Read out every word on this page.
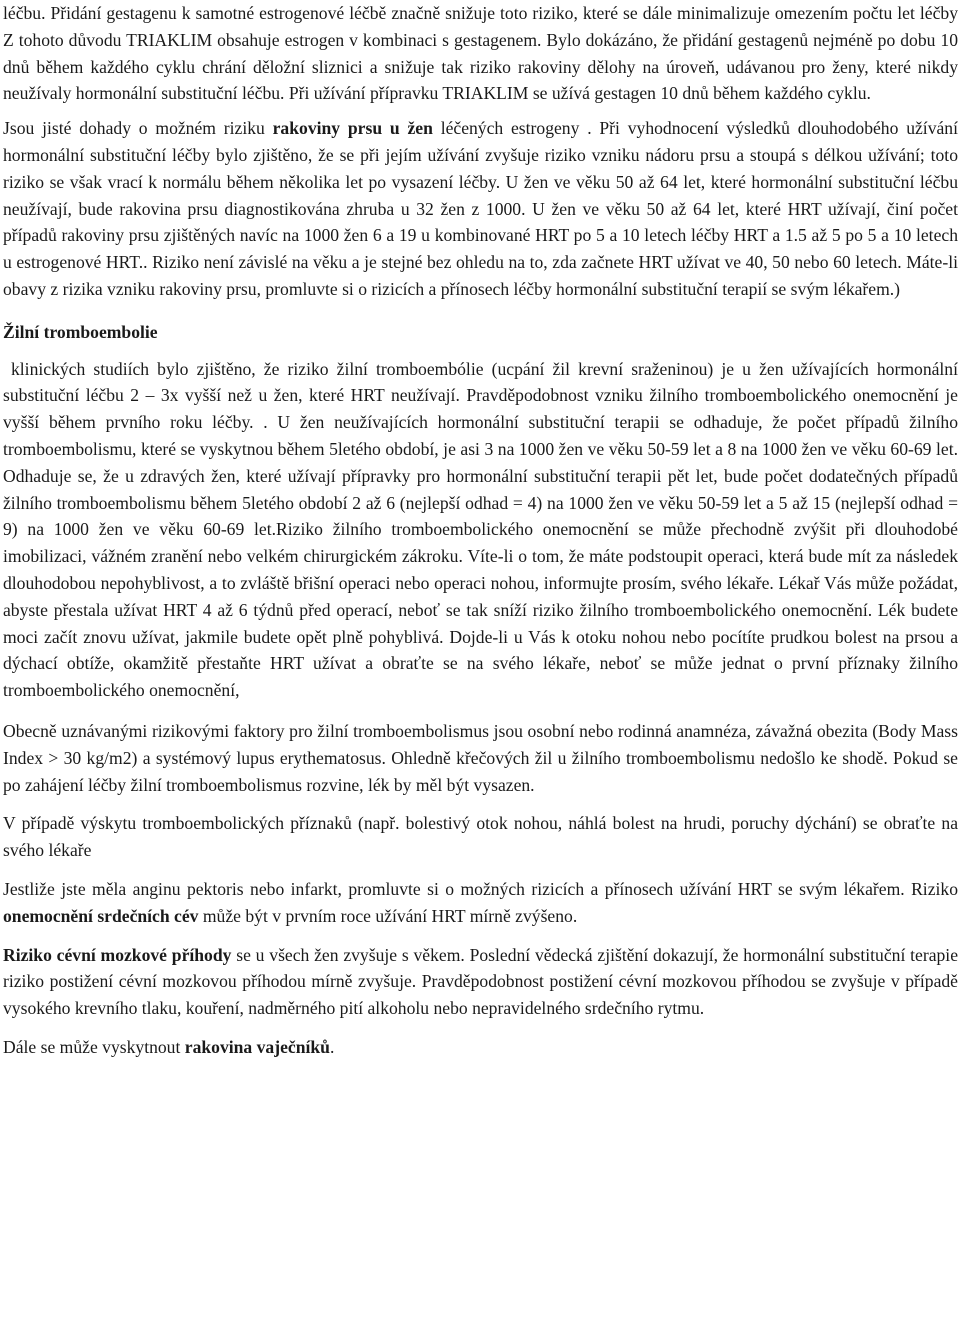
léčbu. Přidání gestagenu k samotné estrogenové léčbě značně snižuje toto riziko, které se dále minimalizuje omezením počtu let léčby Z tohoto důvodu TRIAKLIM obsahuje estrogen v kombinaci s gestagenem. Bylo dokázáno, že přidání gestagenů nejméně po dobu 10 dnů během každého cyklu chrání děložní sliznici a snižuje tak riziko rakoviny dělohy na úroveň, udávanou pro ženy, které nikdy neužívaly hormonální substituční léčbu. Při užívání přípravku TRIAKLIM se užívá gestagen 10 dnů během každého cyklu.

Jsou jisté dohady o možném riziku rakoviny prsu u žen léčených estrogeny . Při vyhodnocení výsledků dlouhodobého užívání hormonální substituční léčby bylo zjištěno, že se při jejím užívání zvyšuje riziko vzniku nádoru prsu a stoupá s délkou užívání; toto riziko se však vrací k normálu během několika let po vysazení léčby. U žen ve věku 50 až 64 let, které hormonální substituční léčbu neužívají, bude rakovina prsu diagnostikována zhruba u 32 žen z 1000. U žen ve věku 50 až 64 let, které HRT užívají, činí počet případů rakoviny prsu zjištěných navíc na 1000 žen 6 a 19 u kombinované HRT po 5 a 10 letech léčby HRT a 1.5 až 5 po 5 a 10 letech u estrogenové HRT.. Riziko není závislé na věku a je stejné bez ohledu na to, zda začnete HRT užívat ve 40, 50 nebo 60 letech. Máte-li obavy z rizika vzniku rakoviny prsu, promluvte si o rizicích a přínosech léčby hormonální substituční terapií se svým lékařem.)

Žilní tromboembolie

klinických studiích bylo zjištěno, že riziko žilní tromboembólie (ucpání žil krevní sraženinou) je u žen užívajících hormonální substituční léčbu 2 – 3x vyšší než u žen, které HRT neužívají. Pravděpodobnost vzniku žilního tromboembolického onemocnění je vyšší během prvního roku léčby. . U žen neužívajících hormonální substituční terapii se odhaduje, že počet případů žilního tromboembolismu, které se vyskytnou během 5letého období, je asi 3 na 1000 žen ve věku 50-59 let a 8 na 1000 žen ve věku 60-69 let. Odhaduje se, že u zdravých žen, které užívají přípravky pro hormonální substituční terapii pět let, bude počet dodatečných případů žilního tromboembolismu během 5letého období 2 až 6 (nejlepší odhad = 4) na 1000 žen ve věku 50-59 let a 5 až 15 (nejlepší odhad = 9) na 1000 žen ve věku 60-69 let.Riziko žilního tromboembolického onemocnění se může přechodně zvýšit při dlouhodobé imobilizaci, vážném zranění nebo velkém chirurgickém zákroku. Víte-li o tom, že máte podstoupit operaci, která bude mít za následek dlouhodobou nepohyblivost, a to zvláště břišní operaci nebo operaci nohou, informujte prosím, svého lékaře. Lékař Vás může požádat, abyste přestala užívat HRT 4 až 6 týdnů před operací, neboť se tak sníží riziko žilního tromboembolického onemocnění. Lék budete moci začít znovu užívat, jakmile budete opět plně pohyblivá. Dojde-li u Vás k otoku nohou nebo pocítíte prudkou bolest na prsou a dýchací obtíže, okamžitě přestaňte HRT užívat a obraťte se na svého lékaře, neboť se může jednat o první příznaky žilního tromboembolického onemocnění,

Obecně uznávanými rizikovými faktory pro žilní tromboembolismus jsou osobní nebo rodinná anamnéza, závažná obezita (Body Mass Index > 30 kg/m2) a systémový lupus erythematosus. Ohledně křečových žil u žilního tromboembolismu nedošlo ke shodě. Pokud se po zahájení léčby žilní tromboembolismus rozvine, lék by měl být vysazen.

V případě výskytu tromboembolických příznaků (např. bolestivý otok nohou, náhlá bolest na hrudi, poruchy dýchání) se obraťte na svého lékaře

Jestliže jste měla anginu pektoris nebo infarkt, promluvte si o možných rizicích a přínosech užívání HRT se svým lékařem. Riziko onemocnění srdečních cév může být v prvním roce užívání HRT mírně zvýšeno.

Riziko cévní mozkové příhody se u všech žen zvyšuje s věkem. Poslední vědecká zjištění dokazují, že hormonální substituční terapie riziko postižení cévní mozkovou příhodou mírně zvyšuje. Pravděpodobnost postižení cévní mozkovou příhodou se zvyšuje v případě vysokého krevního tlaku, kouření, nadměrného pití alkoholu nebo nepravidelného srdečního rytmu.

Dále se může vyskytnout rakovina vaječníků.
